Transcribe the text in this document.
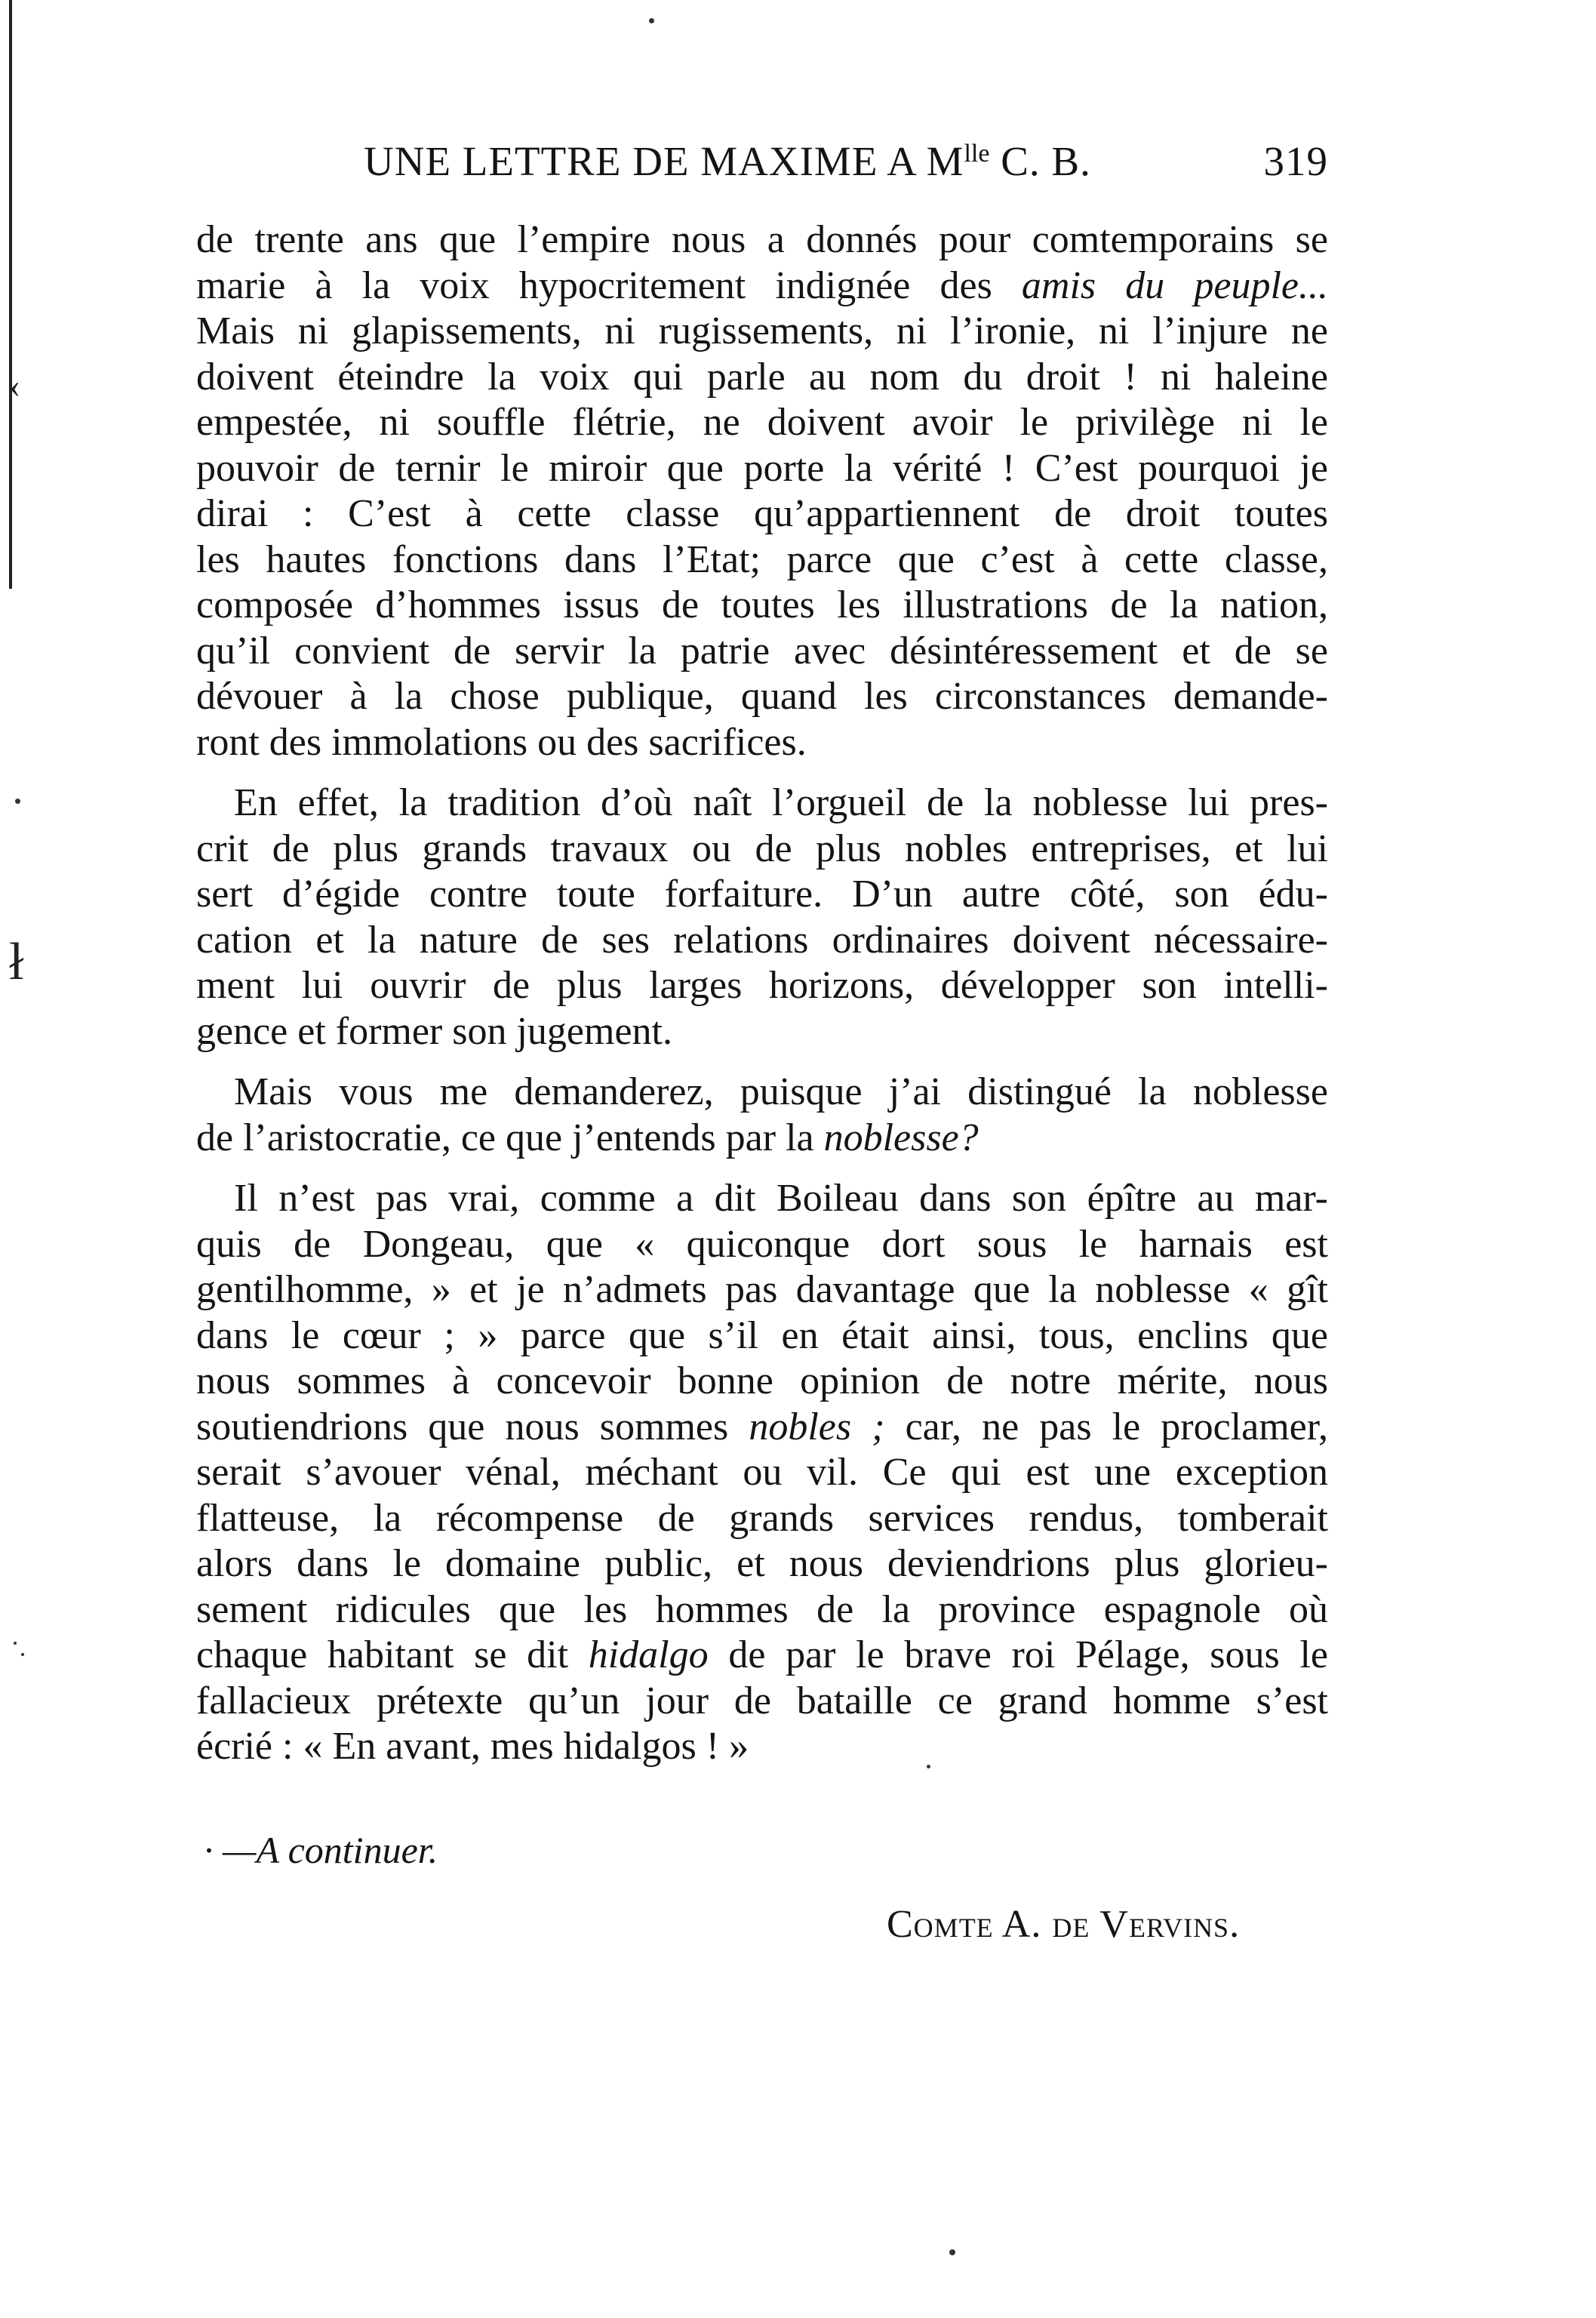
‹
ł
UNE LETTRE DE MAXIME A $M^{lle}$ C. B.	319

de trente ans que l’empire nous a donnés pour comtemporains se
marie à la voix hypocritement indignée des amis du peuple...
Mais ni glapissements, ni rugissements, ni l’ironie, ni l’injure ne
doivent éteindre la voix qui parle au nom du droit ! ni haleine
empestée, ni souffle flétrie, ne doivent avoir le privilège ni le
pouvoir de ternir le miroir que porte la vérité ! C’est pourquoi je
dirai : C’est à cette classe qu’appartiennent de droit toutes
les hautes fonctions dans l’Etat; parce que c’est à cette classe,
composée d’hommes issus de toutes les illustrations de la nation,
qu’il convient de servir la patrie avec désintéressement et de se
dévouer à la chose publique, quand les circonstances demande-
ront des immolations ou des sacrifices.

En effet, la tradition d’où naît l’orgueil de la noblesse lui pres-
crit de plus grands travaux ou de plus nobles entreprises, et lui
sert d’égide contre toute forfaiture. D’un autre côté, son édu-
cation et la nature de ses relations ordinaires doivent nécessaire-
ment lui ouvrir de plus larges horizons, développer son intelli-
gence et former son jugement.

Mais vous me demanderez, puisque j’ai distingué la noblesse
de l’aristocratie, ce que j’entends par la noblesse?

Il n’est pas vrai, comme a dit Boileau dans son épître au mar-
quis de Dongeau, que « quiconque dort sous le harnais est
gentilhomme, » et je n’admets pas davantage que la noblesse « gît
dans le cœur ; » parce que s’il en était ainsi, tous, enclins que
nous sommes à concevoir bonne opinion de notre mérite, nous
soutiendrions que nous sommes nobles ; car, ne pas le proclamer,
serait s’avouer vénal, méchant ou vil. Ce qui est une exception
flatteuse, la récompense de grands services rendus, tomberait
alors dans le domaine public, et nous deviendrions plus glorieu-
sement ridicules que les hommes de la province espagnole où
chaque habitant se dit hidalgo de par le brave roi Pélage, sous le
fallacieux prétexte qu’un jour de bataille ce grand homme s’est
écrié : « En avant, mes hidalgos ! »

· —A continuer.
Comte A. de Vervins.
